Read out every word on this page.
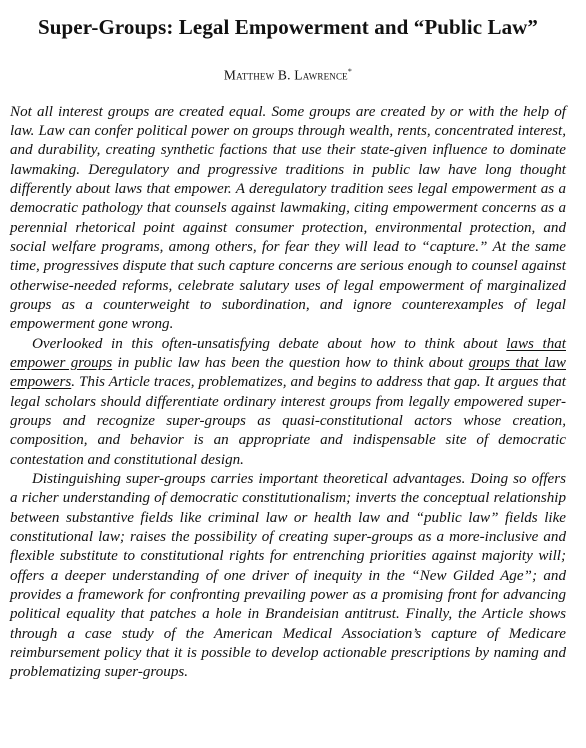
Super-Groups: Legal Empowerment and “Public Law”
Matthew B. Lawrence*

Not all interest groups are created equal. Some groups are created by or with the help of law. Law can confer political power on groups through wealth, rents, concentrated interest, and durability, creating synthetic factions that use their state-given influence to dominate lawmaking. Deregulatory and progressive traditions in public law have long thought differently about laws that empower. A deregulatory tradition sees legal empowerment as a democratic pathology that counsels against lawmaking, citing empowerment concerns as a perennial rhetorical point against consumer protection, environmental protection, and social welfare programs, among others, for fear they will lead to “capture.” At the same time, progressives dispute that such capture concerns are serious enough to counsel against otherwise-needed reforms, celebrate salutary uses of legal empowerment of marginalized groups as a counterweight to subordination, and ignore counterexamples of legal empowerment gone wrong.

Overlooked in this often-unsatisfying debate about how to think about laws that empower groups in public law has been the question how to think about groups that law empowers. This Article traces, problematizes, and begins to address that gap. It argues that legal scholars should differentiate ordinary interest groups from legally empowered super-groups and recognize super-groups as quasi-constitutional actors whose creation, composition, and behavior is an appropriate and indispensable site of democratic contestation and constitutional design.

Distinguishing super-groups carries important theoretical advantages. Doing so offers a richer understanding of democratic constitutionalism; inverts the conceptual relationship between substantive fields like criminal law or health law and “public law” fields like constitutional law; raises the possibility of creating super-groups as a more-inclusive and flexible substitute to constitutional rights for entrenching priorities against majority will; offers a deeper understanding of one driver of inequity in the “New Gilded Age”; and provides a framework for confronting prevailing power as a promising front for advancing political equality that patches a hole in Brandeisian antitrust. Finally, the Article shows through a case study of the American Medical Association’s capture of Medicare reimbursement policy that it is possible to develop actionable prescriptions by naming and problematizing super-groups.
